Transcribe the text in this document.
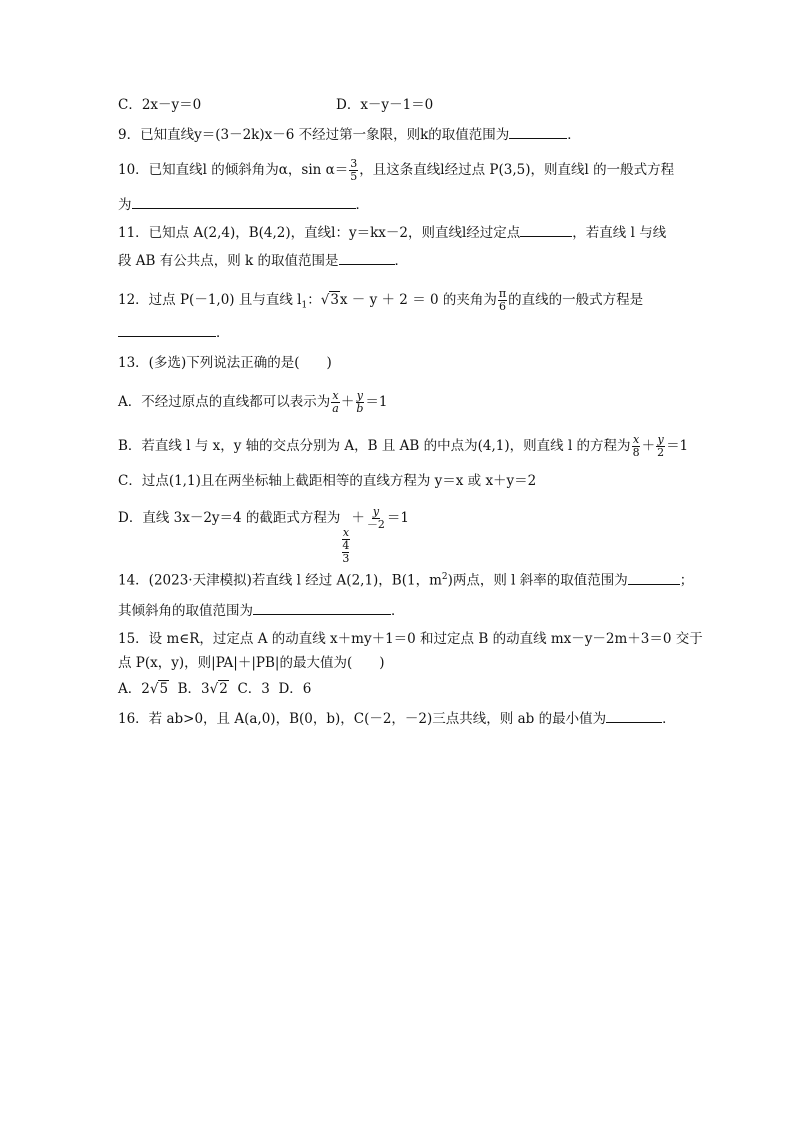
C．2x－y＝0	D．x－y－1＝0
9．已知直线y＝(3－2k)x－6 不经过第一象限，则k的取值范围为	．
10．已知直线l 的倾斜角为α，$\sin \alpha= \frac{3}{5}$ ，且这条直线l经过点 P(3,5)，则直线l 的一般式方程
为	．
11．已知点 A(2,4)，B(4,2)，直线l：y＝kx－2，则直线l经过定点	，若直线 l 与线
段 AB 有公共点，则 k 的取值范围是	．
12．过点 P(－1,0) 且与直线 $l_1$：√3x － y ＋ 2 ＝ 0 的夹角为 $\frac{\pi}{6}$ 的直线的一般式方程是
．
13．(多选)下列说法正确的是(　　)
A．不经过原点的直线都可以表示为 $\frac{x}{a} + \frac{y}{b} =1$
B．若直线 l 与 x，y 轴的交点分别为 A，B 且 AB 的中点为(4,1)，则直线 l 的方程为 $\frac{x}{8} + \frac{y}{2} =1$
C．过点(1,1)且在两坐标轴上截距相等的直线方程为 y＝x 或 x＋y＝2
D．直线 3x－2y＝4 的截距式方程为
$\frac{x}{\frac{4}{3}}$
＋ $\frac{y}{-2} =1$
14．(2023·天津模拟)若直线 l 经过 A(2,1)，B(1，$m^2$)两点，则 l 斜率的取值范围为	；
其倾斜角的取值范围为	．
15．设 m∈R，过定点 A 的动直线 x＋my＋1＝0 和过定点 B 的动直线 mx－y－2m＋3＝0 交于
点 P(x，y)，则|PA|＋|PB|的最大值为(　　)
A．2√5 B．3√2 C．3 D．6
16．若 ab>0，且 A(a,0)，B(0，b)，C(－2，－2)三点共线，则 ab 的最小值为	．
